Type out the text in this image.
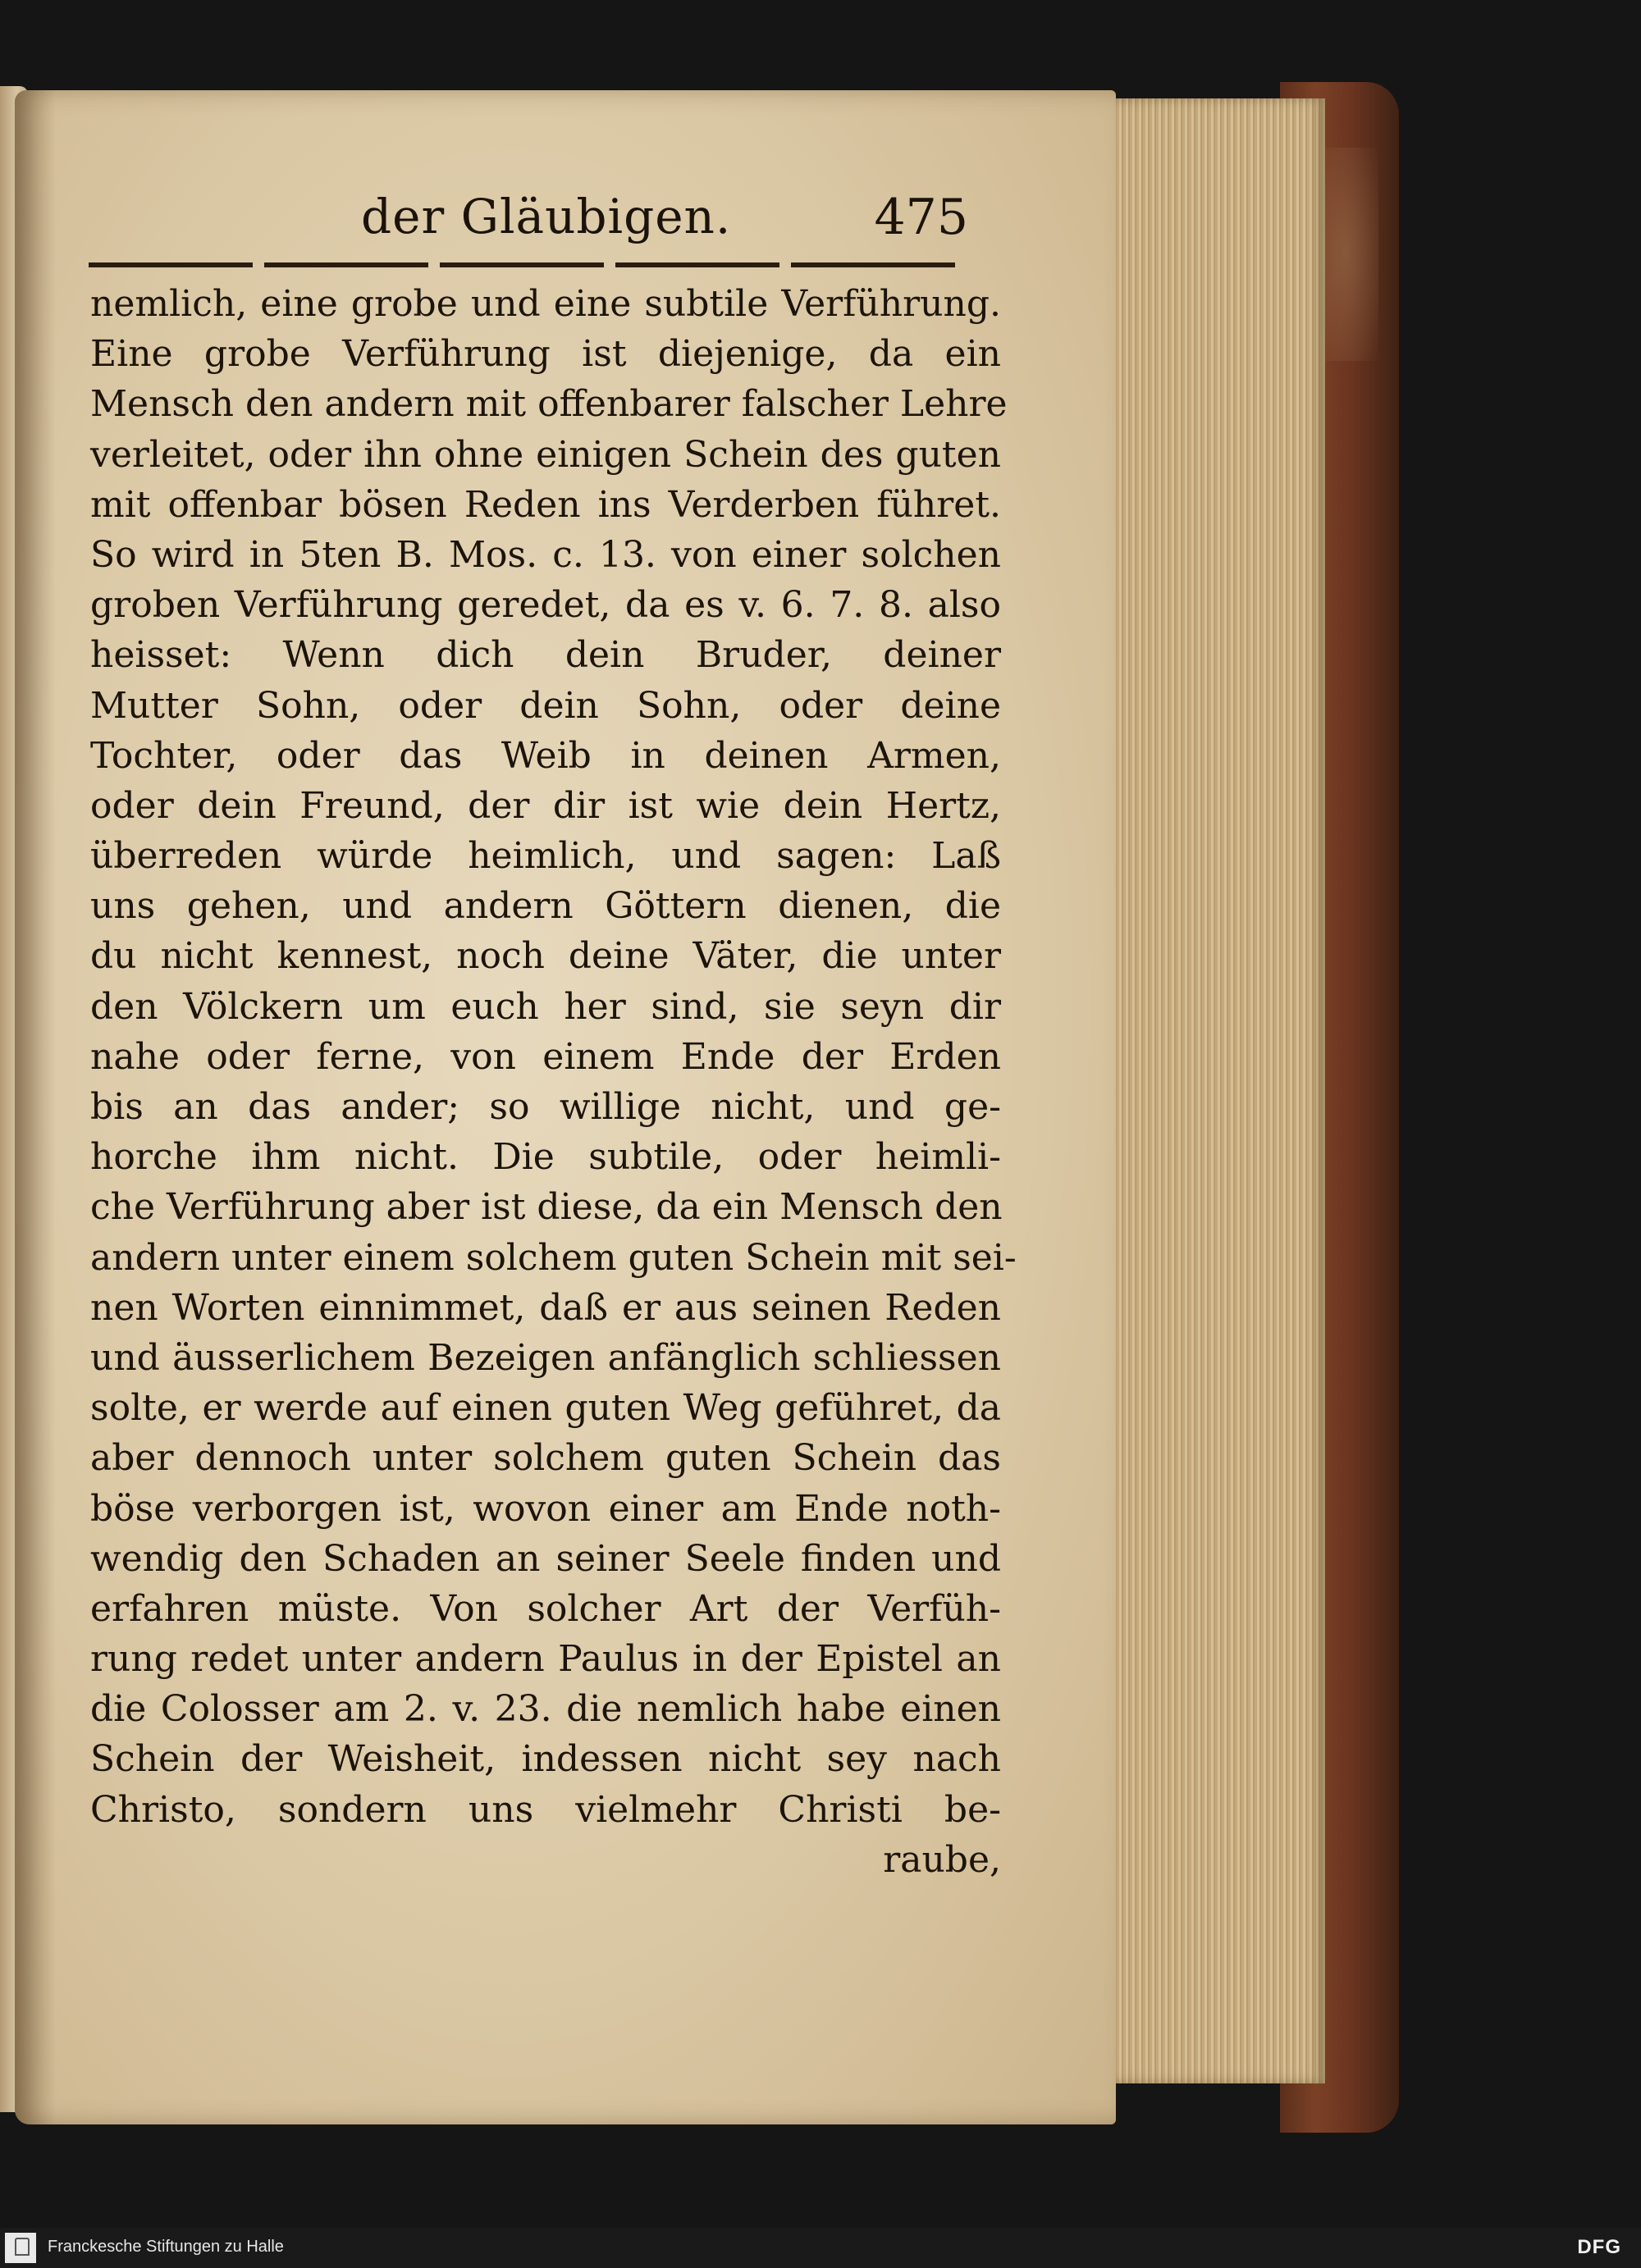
der Gläubigen.	475
nemlich, eine grobe und eine subtile Verführung.
Eine grobe Verführung ist diejenige, da ein
Mensch den andern mit offenbarer falscher Lehre
verleitet, oder ihn ohne einigen Schein des guten
mit offenbar bösen Reden ins Verderben führet.
So wird in 5ten B. Mos. c. 13. von einer solchen
groben Verführung geredet, da es v. 6. 7. 8. also
heisset: Wenn dich dein Bruder, deiner
Mutter Sohn, oder dein Sohn, oder deine
Tochter, oder das Weib in deinen Armen,
oder dein Freund, der dir ist wie dein Hertz,
überreden würde heimlich, und sagen: Laß
uns gehen, und andern Göttern dienen, die
du nicht kennest, noch deine Väter, die unter
den Völckern um euch her sind, sie seyn dir
nahe oder ferne, von einem Ende der Erden
bis an das ander; so willige nicht, und ge-
horche ihm nicht. Die subtile, oder heimli-
che Verführung aber ist diese, da ein Mensch den
andern unter einem solchem guten Schein mit sei-
nen Worten einnimmet, daß er aus seinen Reden
und äusserlichem Bezeigen anfänglich schliessen
solte, er werde auf einen guten Weg geführet, da
aber dennoch unter solchem guten Schein das
böse verborgen ist, wovon einer am Ende noth-
wendig den Schaden an seiner Seele finden und
erfahren müste. Von solcher Art der Verfüh-
rung redet unter andern Paulus in der Epistel an
die Colosser am 2. v. 23. die nemlich habe einen
Schein der Weisheit, indessen nicht sey nach
Christo, sondern uns vielmehr Christi be-
raube,
Franckesche Stiftungen zu Halle	DFG
